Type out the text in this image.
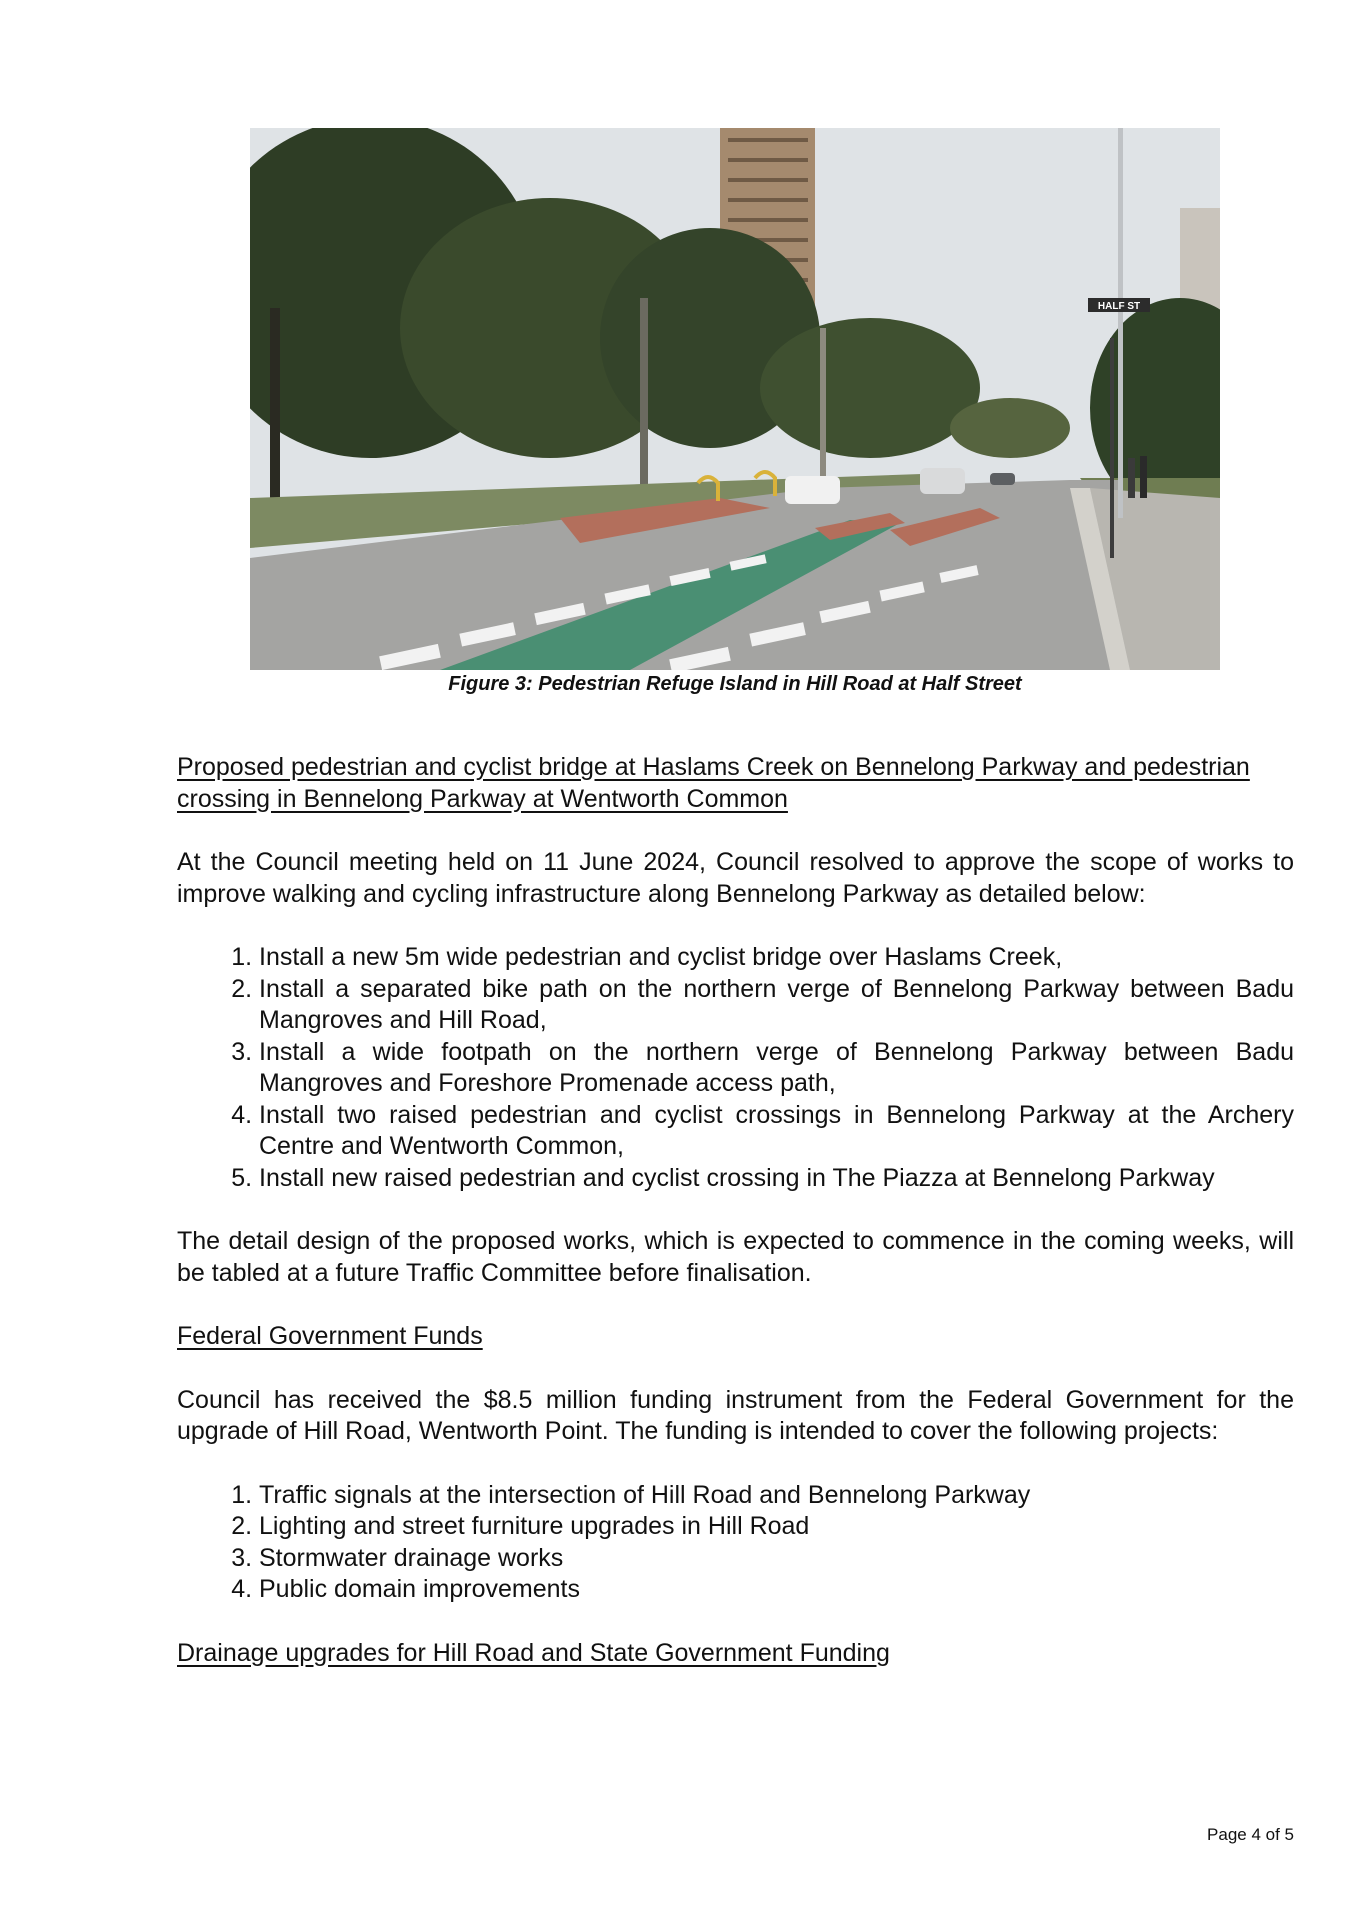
HALF ST
Figure 3: Pedestrian Refuge Island in Hill Road at Half Street

Proposed pedestrian and cyclist bridge at Haslams Creek on Bennelong Parkway and pedestrian crossing in Bennelong Parkway at Wentworth Common

At the Council meeting held on 11 June 2024, Council resolved to approve the scope of works to improve walking and cycling infrastructure along Bennelong Parkway as detailed below:

1. Install a new 5m wide pedestrian and cyclist bridge over Haslams Creek,
2. Install a separated bike path on the northern verge of Bennelong Parkway between Badu Mangroves and Hill Road,
3. Install a wide footpath on the northern verge of Bennelong Parkway between Badu Mangroves and Foreshore Promenade access path,
4. Install two raised pedestrian and cyclist crossings in Bennelong Parkway at the Archery Centre and Wentworth Common,
5. Install new raised pedestrian and cyclist crossing in The Piazza at Bennelong Parkway

The detail design of the proposed works, which is expected to commence in the coming weeks, will be tabled at a future Traffic Committee before finalisation.

Federal Government Funds

Council has received the $8.5 million funding instrument from the Federal Government for the upgrade of Hill Road, Wentworth Point. The funding is intended to cover the following projects:

1. Traffic signals at the intersection of Hill Road and Bennelong Parkway
2. Lighting and street furniture upgrades in Hill Road
3. Stormwater drainage works
4. Public domain improvements

Drainage upgrades for Hill Road and State Government Funding

Page 4 of 5
